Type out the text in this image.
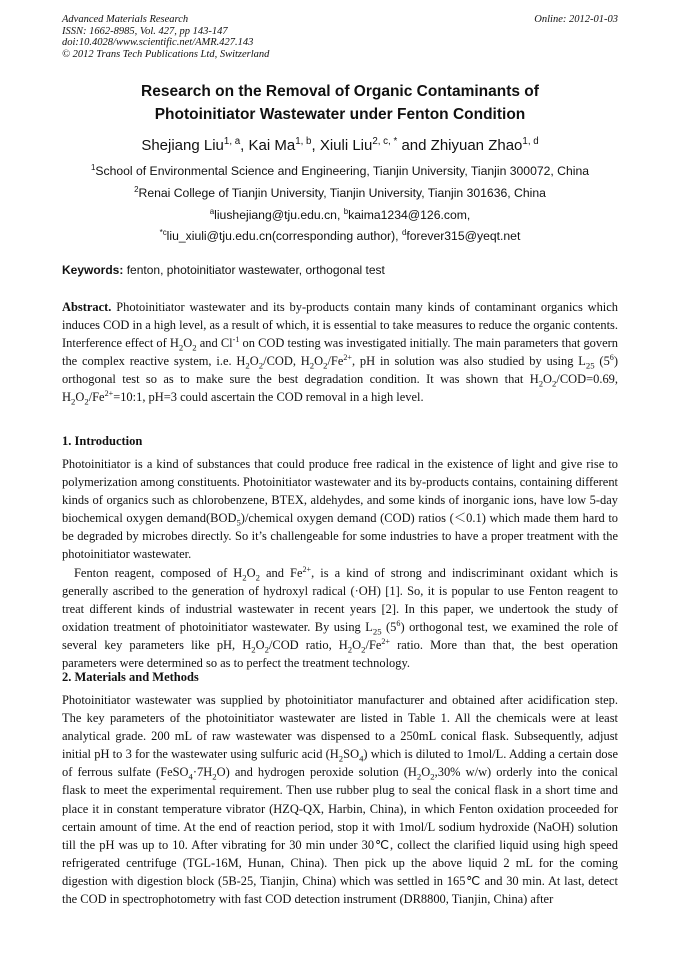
Advanced Materials Research
ISSN: 1662-8985, Vol. 427, pp 143-147
doi:10.4028/www.scientific.net/AMR.427.143
© 2012 Trans Tech Publications Ltd, Switzerland
Online: 2012-01-03
Research on the Removal of Organic Contaminants of
Photoinitiator Wastewater under Fenton Condition
Shejiang Liu$^{1, a}$, Kai Ma$^{1, b}$, Xiuli Liu$^{2, c, *}$ and Zhiyuan Zhao$^{1, d}$
$^1$School of Environmental Science and Engineering, Tianjin University, Tianjin 300072, China
$^2$Renai College of Tianjin University, Tianjin University, Tianjin 301636, China
$^a$liushejiang@tju.edu.cn, $^b$kaima1234@126.com,
$^{*c}$liu_xiuli@tju.edu.cn(corresponding author), $^d$forever315@yeqt.net
Keywords: fenton, photoinitiator wastewater, orthogonal test

Abstract. Photoinitiator wastewater and its by-products contain many kinds of contaminant organics which induces COD in a high level, as a result of which, it is essential to take measures to reduce the organic contents. Interference effect of $H_2O_2$ and $Cl^{-1}$ on COD testing was investigated initially. The main parameters that govern the complex reactive system, i.e. $H_2O_2$/COD, $H_2O_2/Fe^{2+}$, pH in solution was also studied by using $L_{25}$ $(5^6)$ orthogonal test so as to make sure the best degradation condition. It was shown that $H_2O_2/COD=0.69$, $H_2O_2/Fe^{2+}=10:1$, pH=3 could ascertain the COD removal in a high level.

1. Introduction

Photoinitiator is a kind of substances that could produce free radical in the existence of light and give rise to polymerization among constituents. Photoinitiator wastewater and its by-products contains, containing different kinds of organics such as chlorobenzene, BTEX, aldehydes, and some kinds of inorganic ions, have low 5-day biochemical oxygen $demand(BOD_5)$/chemical oxygen demand (COD) ratios (＜0.1) which made them hard to be degraded by microbes directly. So it’s challengeable for some industries to have a proper treatment with the photoinitiator wastewater.

Fenton reagent, composed of $H_2O_2$ and $Fe^{2+}$, is a kind of strong and indiscriminant oxidant which is generally ascribed to the generation of hydroxyl radical (·OH) [1]. So, it is popular to use Fenton reagent to treat different kinds of industrial wastewater in recent years [2]. In this paper, we undertook the study of oxidation treatment of photoinitiator wastewater. By using $L_{25}$ $(5^6)$ orthogonal test, we examined the role of several key parameters like pH, $H_2O_2$/COD ratio, $H_2O_2/Fe^{2+}$ ratio. More than that, the best operation parameters were determined so as to perfect the treatment technology.

2. Materials and Methods

Photoinitiator wastewater was supplied by photoinitiator manufacturer and obtained after acidification step. The key parameters of the photoinitiator wastewater are listed in Table 1. All the chemicals were at least analytical grade. 200 mL of raw wastewater was dispensed to a 250mL conical flask. Subsequently, adjust initial pH to 3 for the wastewater using sulfuric acid $(H_2SO_4)$ which is diluted to 1mol/L. Adding a certain dose of ferrous sulfate $(FeSO_4\cdot 7H_2O)$ and hydrogen peroxide solution ($H_2O_2,30\%$ w/w) orderly into the conical flask to meet the experimental requirement. Then use rubber plug to seal the conical flask in a short time and place it in constant temperature vibrator (HZQ-QX, Harbin, China), in which Fenton oxidation proceeded for certain amount of time. At the end of reaction period, stop it with 1mol/L sodium hydroxide (NaOH) solution till the pH was up to 10. After vibrating for 30 min under 30℃, collect the clarified liquid using high speed refrigerated centrifuge (TGL-16M, Hunan, China). Then pick up the above liquid 2 mL for the coming digestion with digestion block (5B-25, Tianjin, China) which was settled in 165℃ and 30 min. At last, detect the COD in spectrophotometry with fast COD detection instrument (DR8800, Tianjin, China) after
